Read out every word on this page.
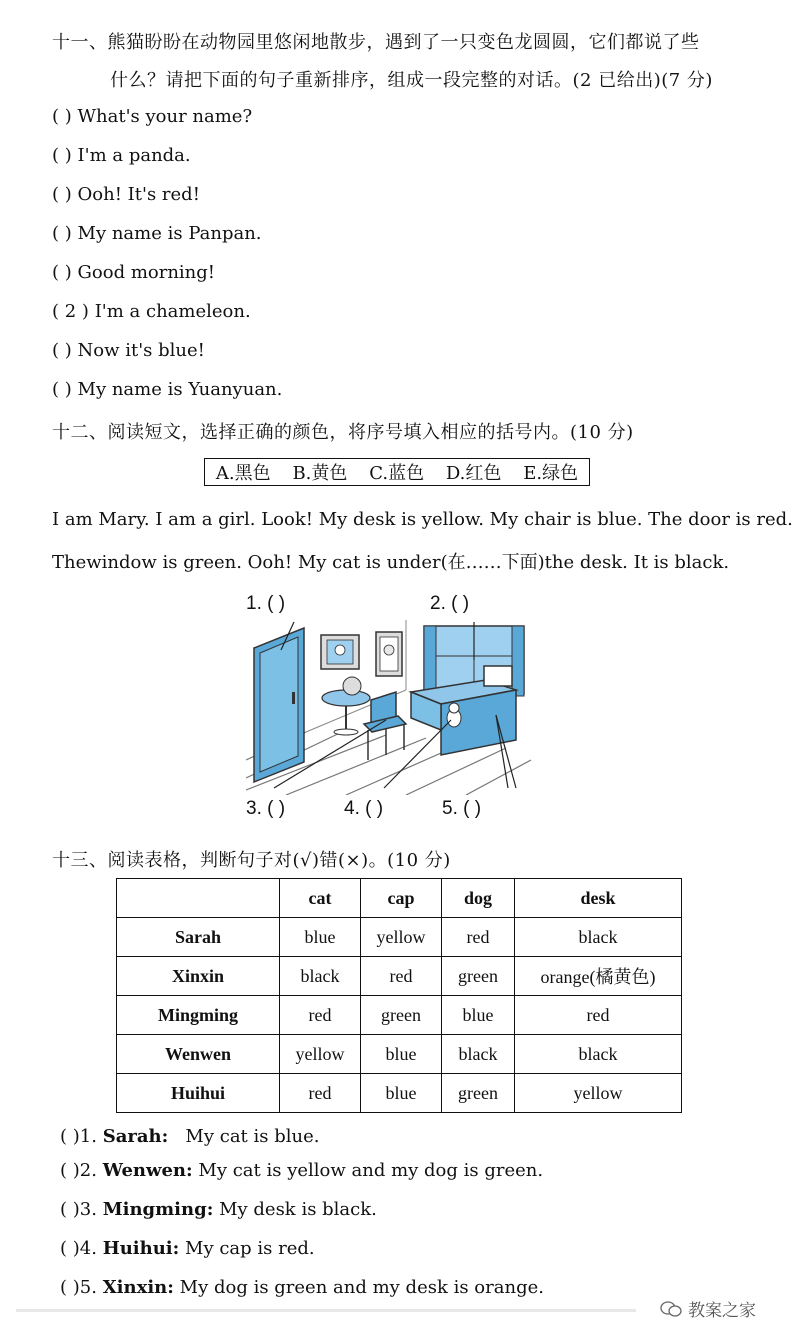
十一、熊猫盼盼在动物园里悠闲地散步，遇到了一只变色龙圆圆，它们都说了些
什么？请把下面的句子重新排序，组成一段完整的对话。(2 已给出)(7 分)
( ) What's your name?
( ) I'm a panda.
( ) Ooh! It's red!
( ) My name is Panpan.
( ) Good morning!
( 2 ) I'm a chameleon.
( ) Now it's blue!
( ) My name is Yuanyuan.
十二、阅读短文，选择正确的颜色，将序号填入相应的括号内。(10 分)
A.黑色 B.黄色 C.蓝色 D.红色 E.绿色
I am Mary. I am a girl. Look! My desk is yellow. My chair is blue. The door is red.
Thewindow is green. Ooh! My cat is under(在……下面)the desk. It is black.
1. ( )	2. ( )
3. ( )	4. ( )	5. ( )
十三、阅读表格，判断句子对(√)错(×)。(10 分)
	cat	cap	dog	desk
Sarah	blue	yellow	red	black
Xinxin	black	red	green	orange(橘黄色)
Mingming	red	green	blue	red
Wenwen	yellow	blue	black	black
Huihui	red	blue	green	yellow
( )1. Sarah: My cat is blue.
( )2. Wenwen: My cat is yellow and my dog is green.
( )3. Mingming: My desk is black.
( )4. Huihui: My cap is red.
( )5. Xinxin: My dog is green and my desk is orange.
教案之家
